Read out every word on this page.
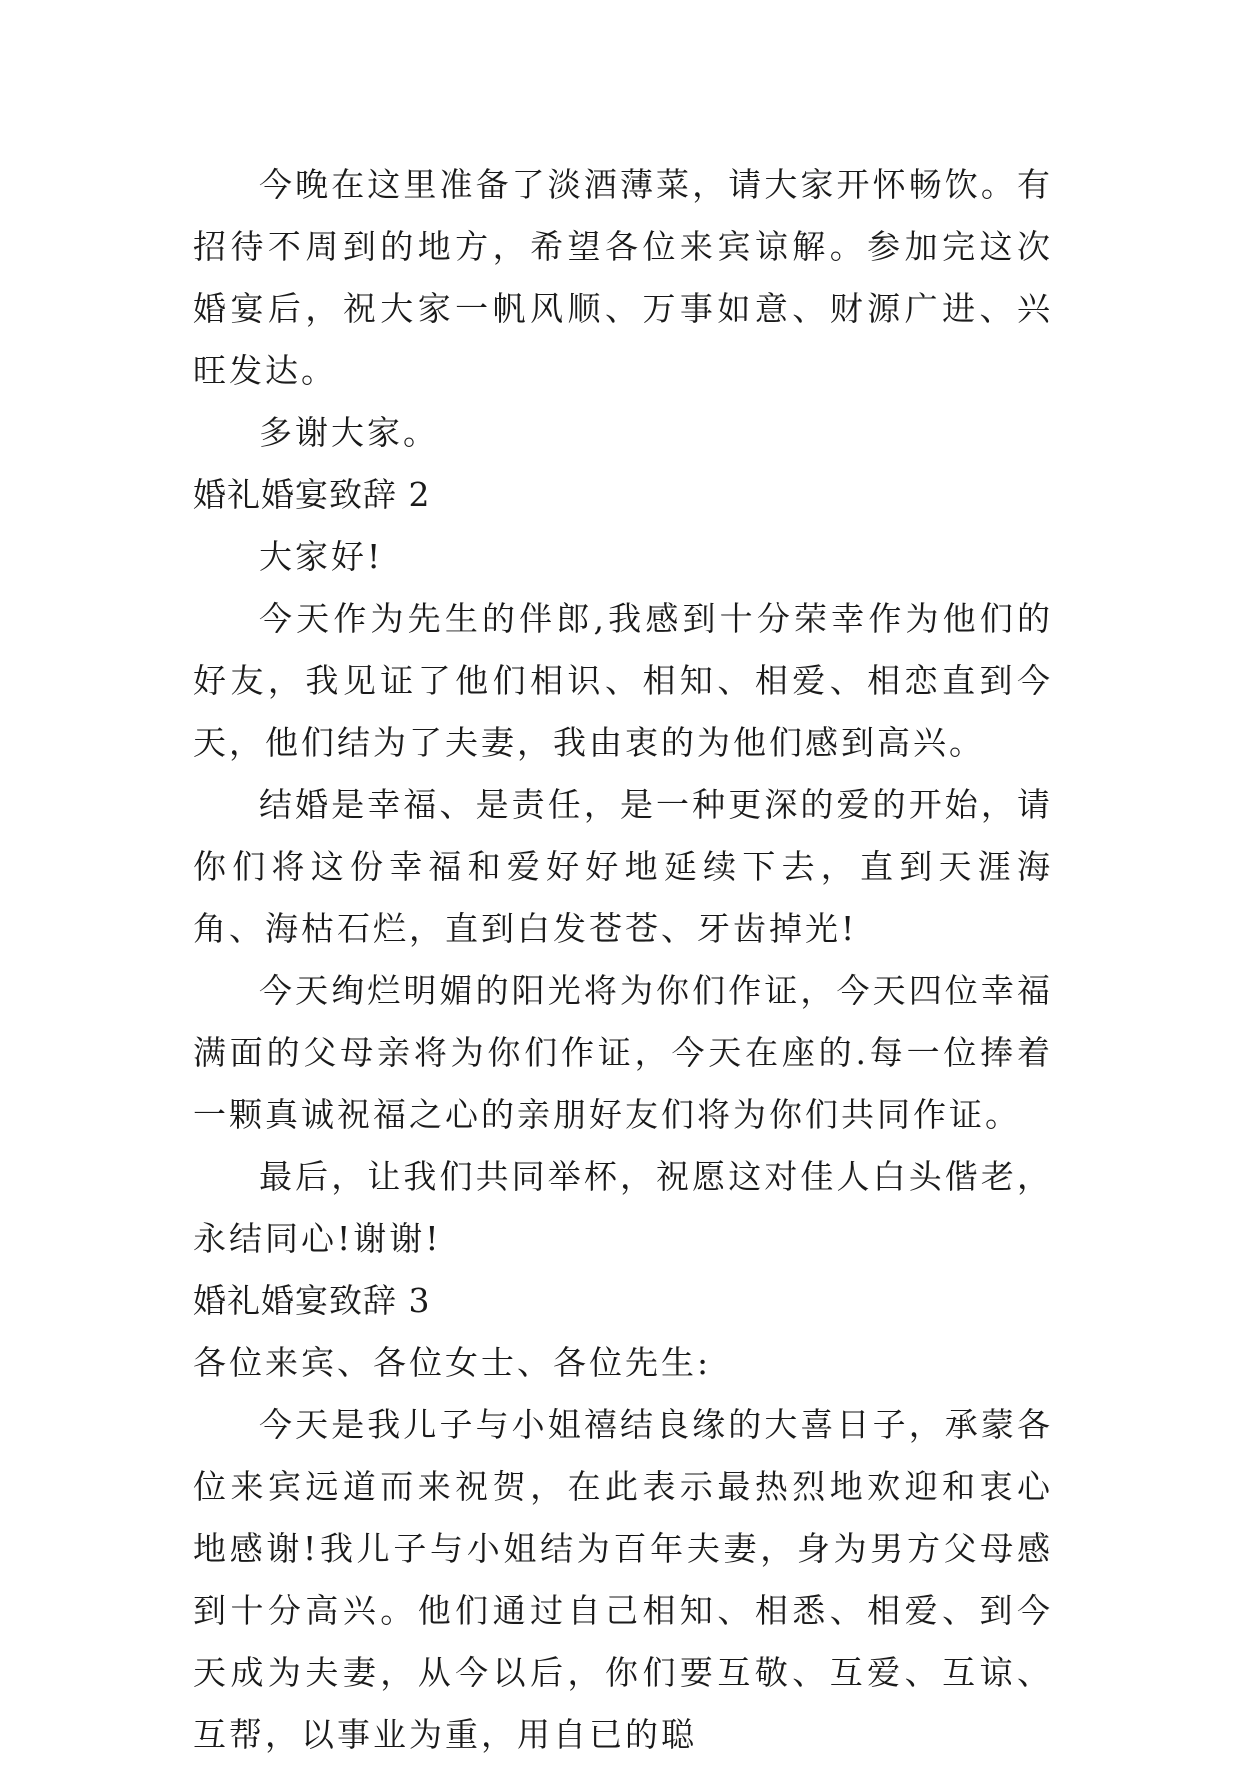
今晚在这里准备了淡酒薄菜，请大家开怀畅饮。有招待不周到的地方，希望各位来宾谅解。参加完这次婚宴后，祝大家一帆风顺、万事如意、财源广进、兴旺发达。

多谢大家。

婚礼婚宴致辞 2

大家好!

今天作为先生的伴郎,我感到十分荣幸作为他们的好友，我见证了他们相识、相知、相爱、相恋直到今天，他们结为了夫妻，我由衷的为他们感到高兴。

结婚是幸福、是责任，是一种更深的爱的开始，请你们将这份幸福和爱好好地延续下去，直到天涯海角、海枯石烂，直到白发苍苍、牙齿掉光!

今天绚烂明媚的阳光将为你们作证，今天四位幸福满面的父母亲将为你们作证，今天在座的.每一位捧着一颗真诚祝福之心的亲朋好友们将为你们共同作证。

最后，让我们共同举杯，祝愿这对佳人白头偕老，永结同心!谢谢!

婚礼婚宴致辞 3

各位来宾、各位女士、各位先生:

今天是我儿子与小姐禧结良缘的大喜日子，承蒙各位来宾远道而来祝贺，在此表示最热烈地欢迎和衷心地感谢!我儿子与小姐结为百年夫妻，身为男方父母感到十分高兴。他们通过自己相知、相悉、相爱、到今天成为夫妻，从今以后，你们要互敬、互爱、互谅、互帮，以事业为重，用自已的聪
